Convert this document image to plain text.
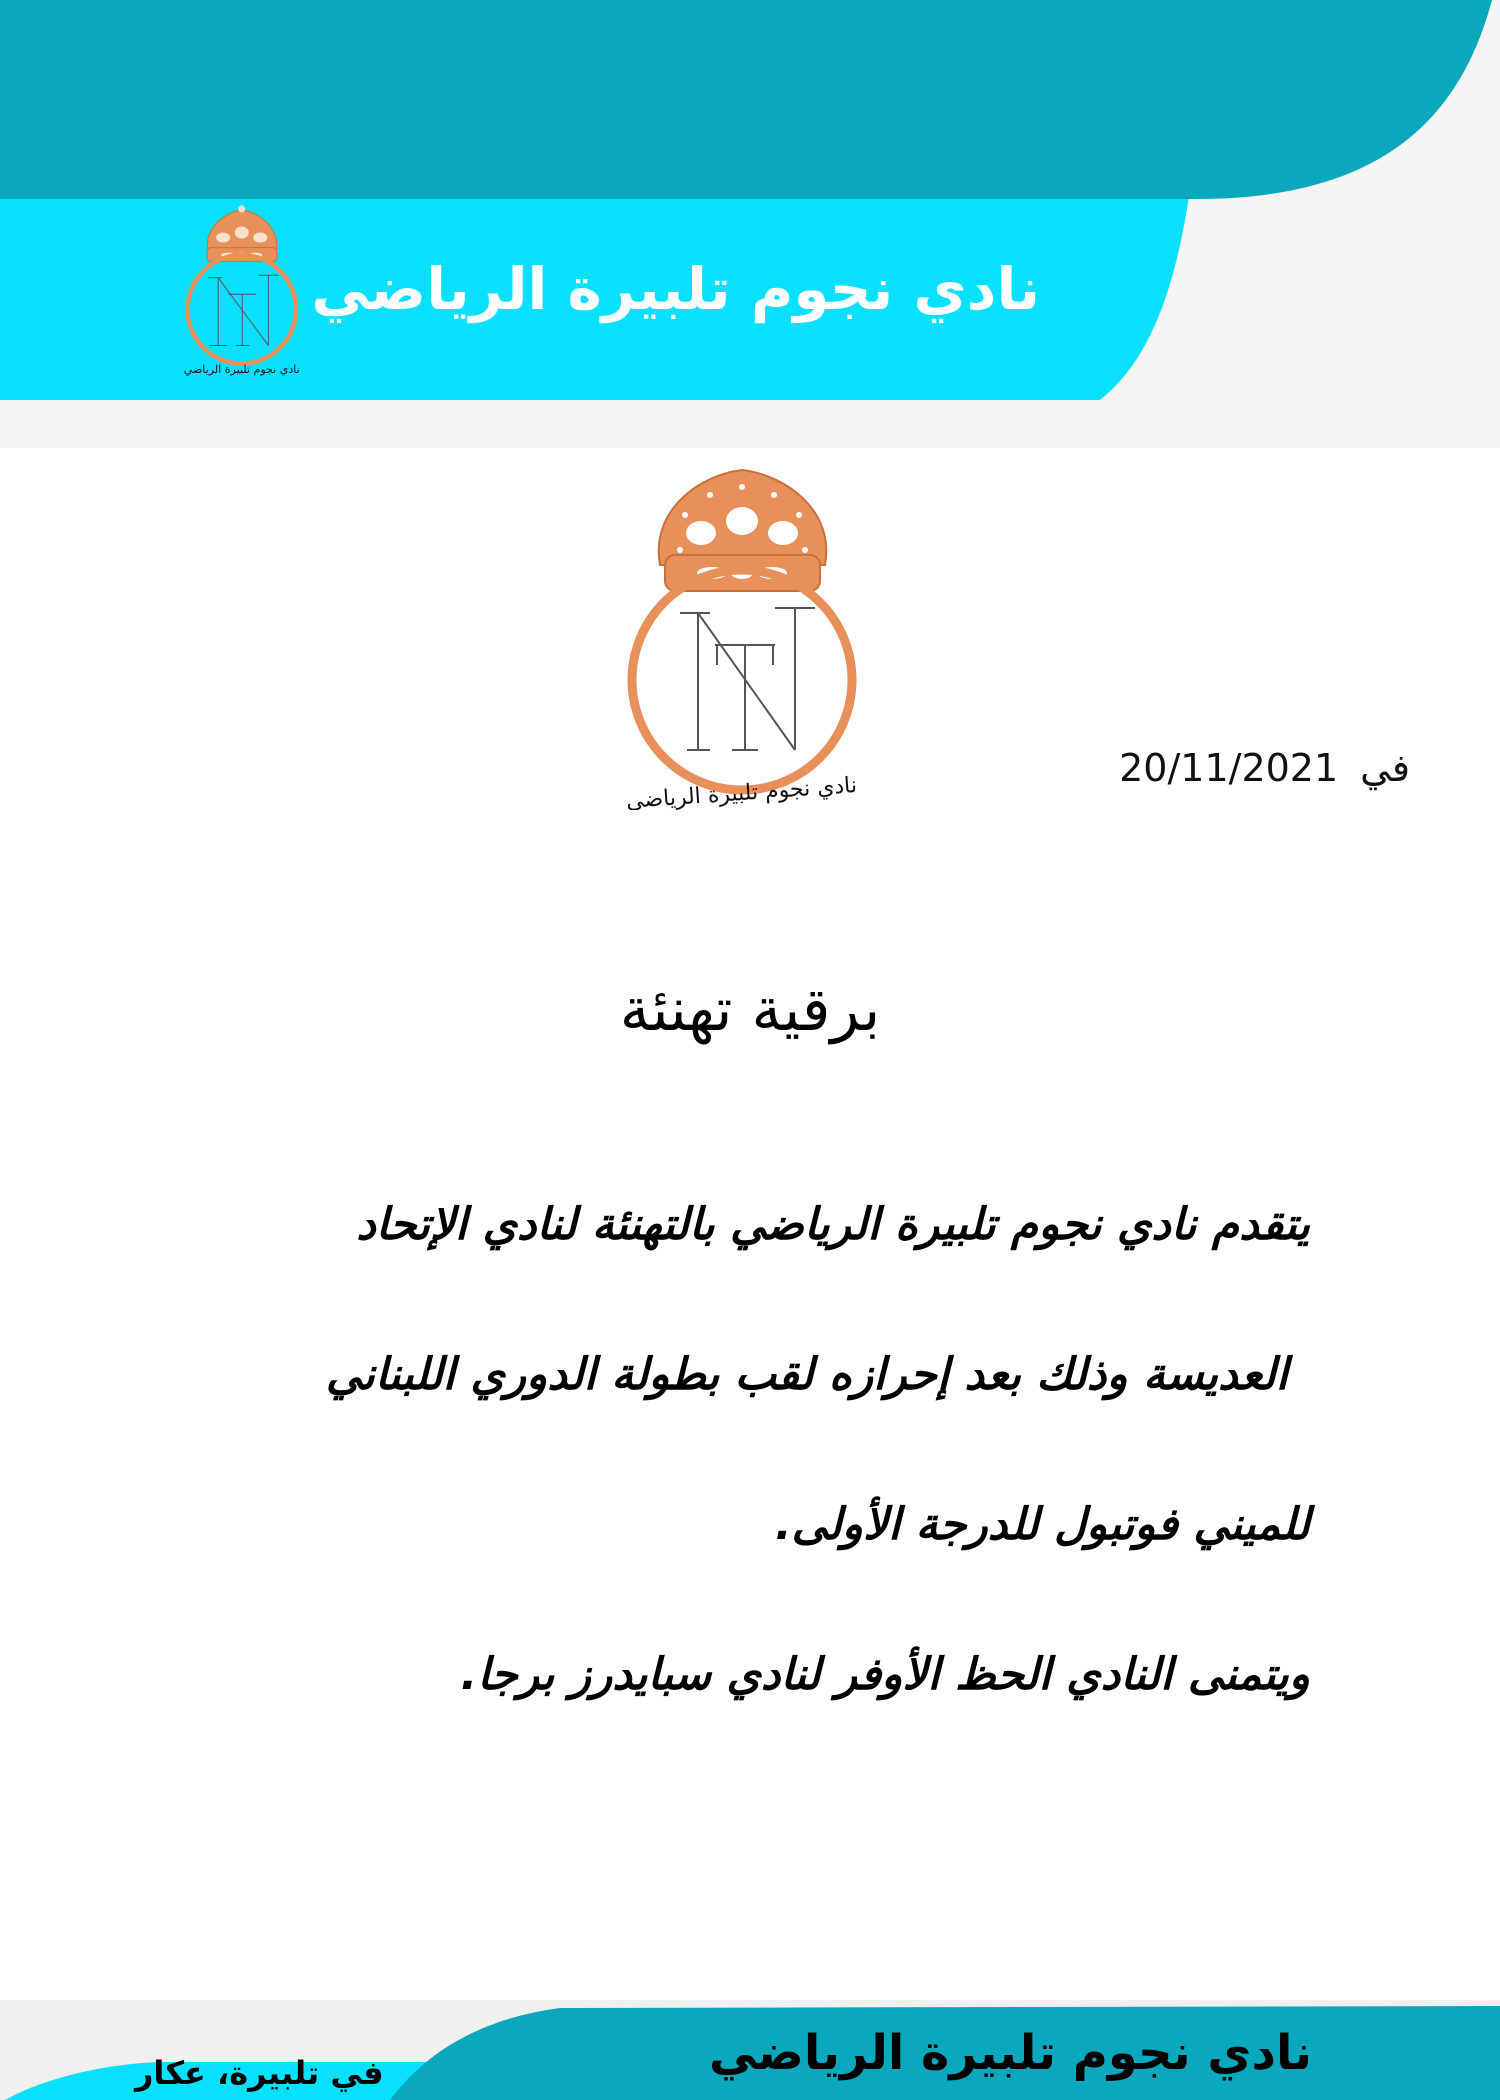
نادي نجوم تلبيرة الرياضي
نادي نجوم تلبيرة الرياضي
نادي نجوم تلبيرة الرياضي
في20/11/2021
برقية تهنئة
يتقدم نادي نجوم تلبيرة الرياضي بالتهنئة لنادي الإتحاد
العديسة وذلك بعد إحرازه لقب بطولة الدوري اللبناني
للميني فوتبول للدرجة الأولى.
ويتمنى النادي الحظ الأوفر لنادي سبايدرز برجا.
في تلبيرة، عكار	نادي نجوم تلبيرة الرياضي
